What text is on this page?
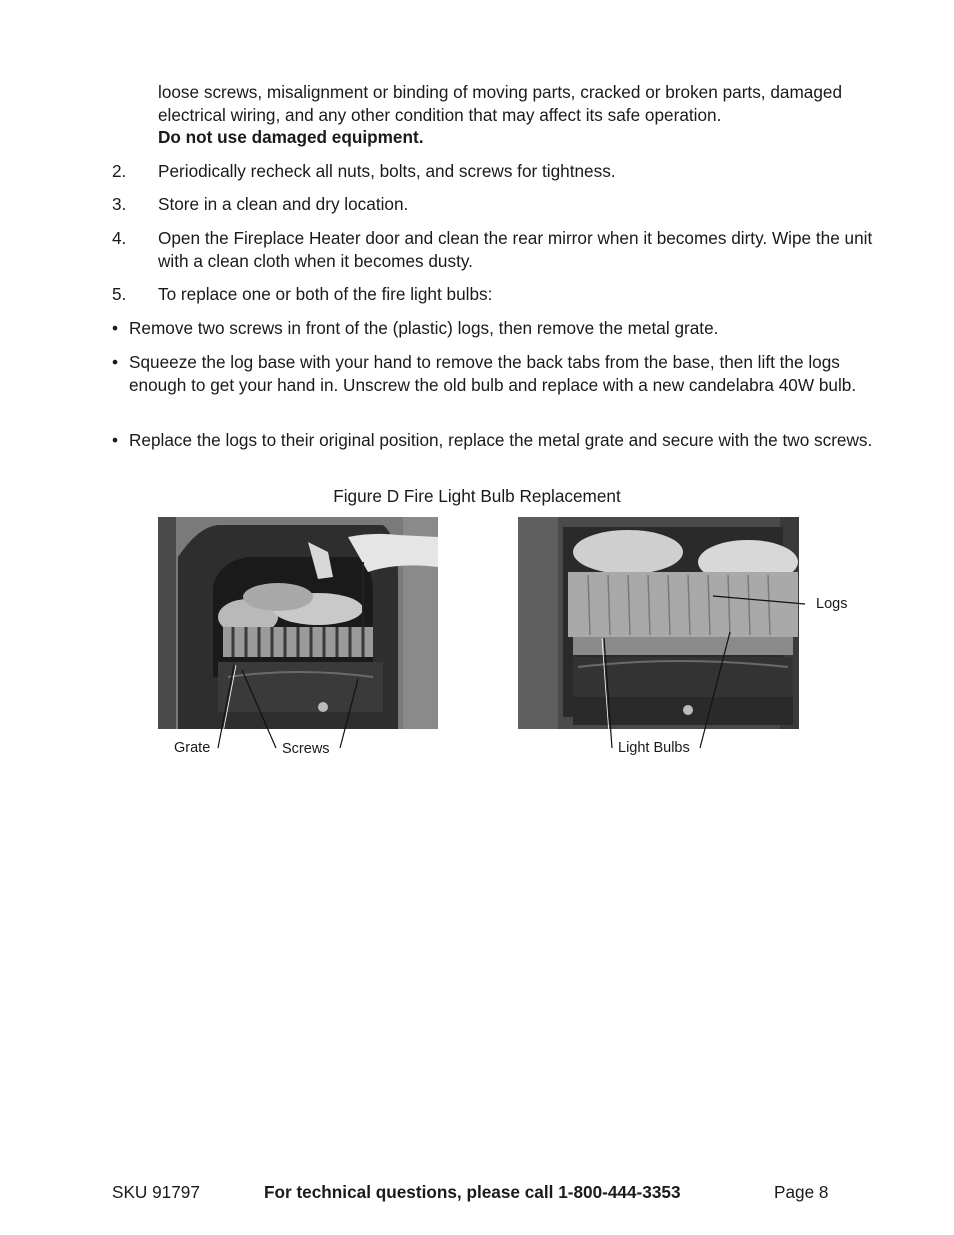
loose screws, misalignment or binding of moving parts, cracked or broken parts, damaged electrical wiring, and any other condition that may affect its safe operation.
Do not use damaged equipment.
2. Periodically recheck all nuts, bolts, and screws for tightness.
3. Store in a clean and dry location.
4. Open the Fireplace Heater door and clean the rear mirror when it becomes dirty. Wipe the unit with a clean cloth when it becomes dusty.
5. To replace one or both of the fire light bulbs:
• Remove two screws in front of the (plastic) logs, then remove the metal grate.
• Squeeze the log base with your hand to remove the back tabs from the base, then lift the logs enough to get your hand in. Unscrew the old bulb and replace with a new candelabra 40W bulb.
• Replace the logs to their original position, replace the metal grate and secure with the two screws.
Figure D Fire Light Bulb Replacement
Grate	Screws
Logs
Light Bulbs
SKU 91797	For technical questions, please call 1-800-444-3353	Page 8
